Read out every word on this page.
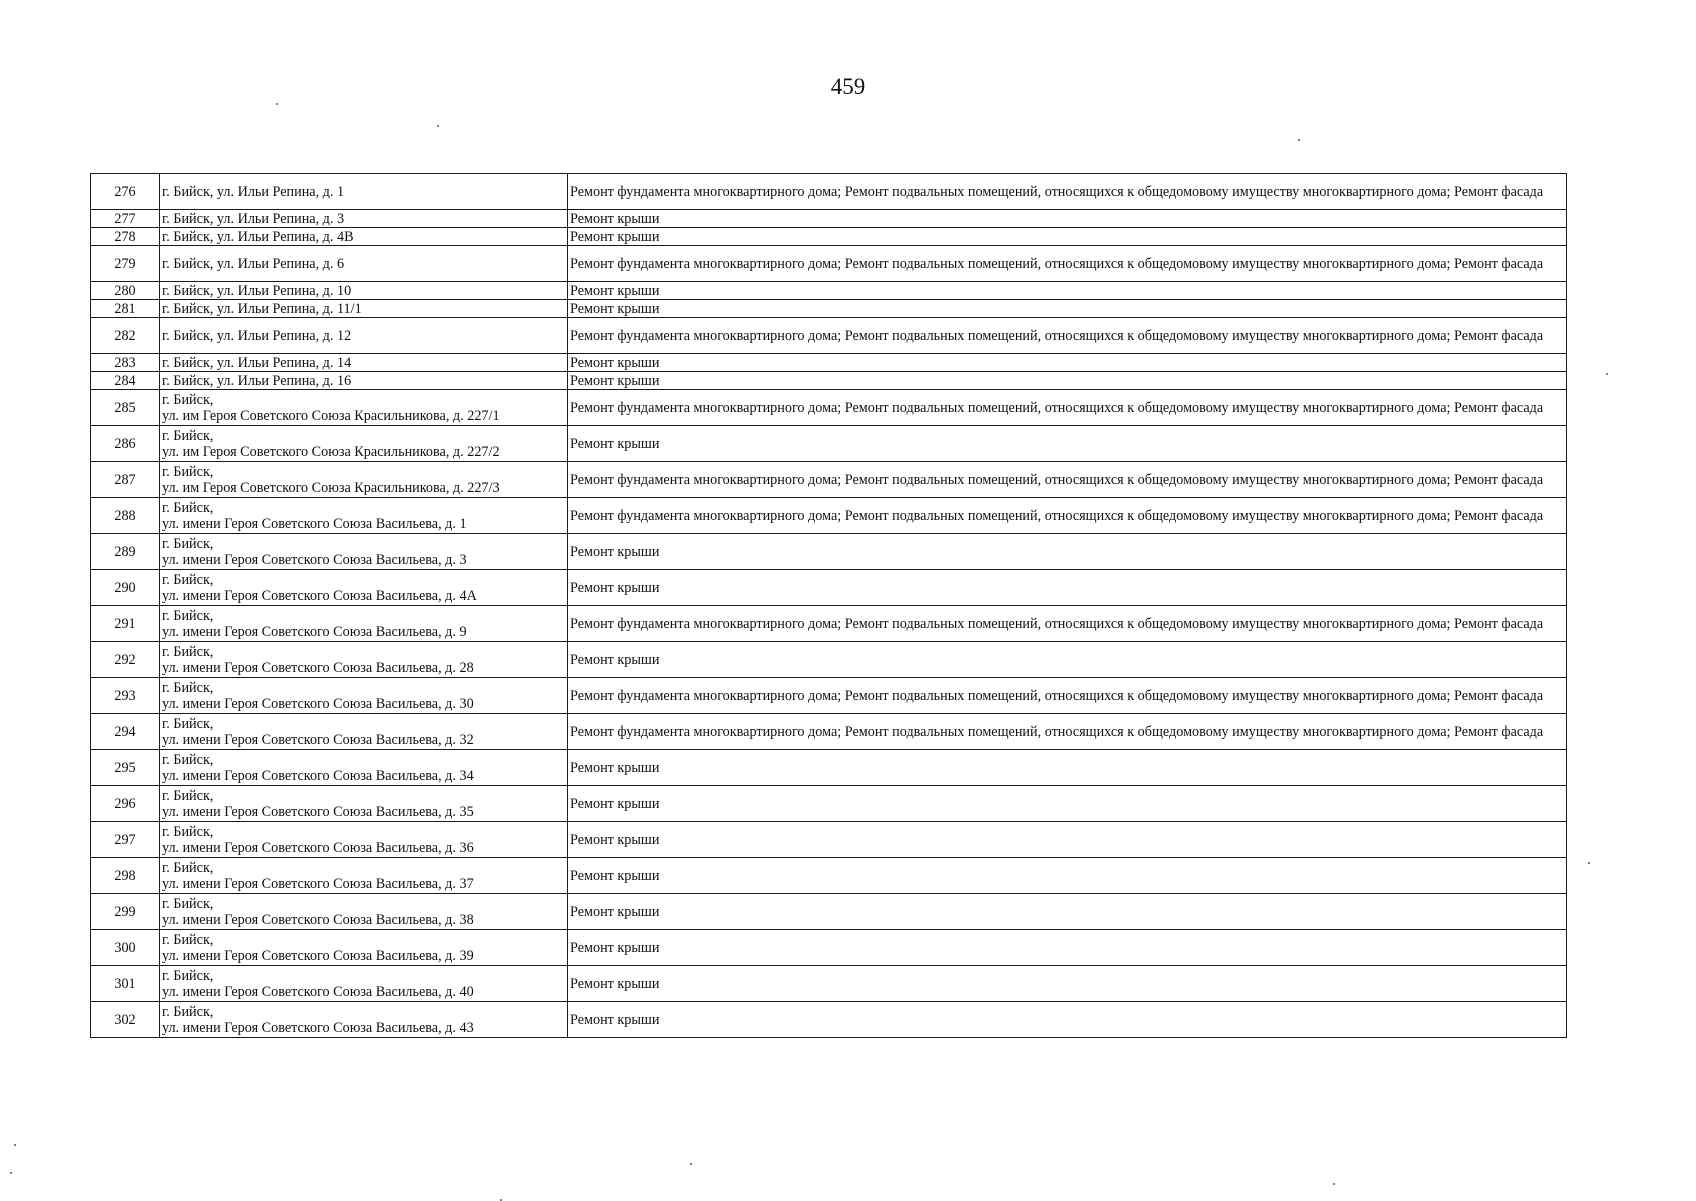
459
276	г. Бийск, ул. Ильи Репина, д. 1	Ремонт фундамента многоквартирного дома; Ремонт подвальных помещений, относящихся к общедомовому имуществу многоквартирного дома; Ремонт фасада
277	г. Бийск, ул. Ильи Репина, д. 3	Ремонт крыши
278	г. Бийск, ул. Ильи Репина, д. 4В	Ремонт крыши
279	г. Бийск, ул. Ильи Репина, д. 6	Ремонт фундамента многоквартирного дома; Ремонт подвальных помещений, относящихся к общедомовому имуществу многоквартирного дома; Ремонт фасада
280	г. Бийск, ул. Ильи Репина, д. 10	Ремонт крыши
281	г. Бийск, ул. Ильи Репина, д. 11/1	Ремонт крыши
282	г. Бийск, ул. Ильи Репина, д. 12	Ремонт фундамента многоквартирного дома; Ремонт подвальных помещений, относящихся к общедомовому имуществу многоквартирного дома; Ремонт фасада
283	г. Бийск, ул. Ильи Репина, д. 14	Ремонт крыши
284	г. Бийск, ул. Ильи Репина, д. 16	Ремонт крыши
285	г. Бийск,
ул. им Героя Советского Союза Красильникова, д. 227/1	Ремонт фундамента многоквартирного дома; Ремонт подвальных помещений, относящихся к общедомовому имуществу многоквартирного дома; Ремонт фасада
286	г. Бийск,
ул. им Героя Советского Союза Красильникова, д. 227/2	Ремонт крыши
287	г. Бийск,
ул. им Героя Советского Союза Красильникова, д. 227/3	Ремонт фундамента многоквартирного дома; Ремонт подвальных помещений, относящихся к общедомовому имуществу многоквартирного дома; Ремонт фасада
288	г. Бийск,
ул. имени Героя Советского Союза Васильева, д. 1	Ремонт фундамента многоквартирного дома; Ремонт подвальных помещений, относящихся к общедомовому имуществу многоквартирного дома; Ремонт фасада
289	г. Бийск,
ул. имени Героя Советского Союза Васильева, д. 3	Ремонт крыши
290	г. Бийск,
ул. имени Героя Советского Союза Васильева, д. 4А	Ремонт крыши
291	г. Бийск,
ул. имени Героя Советского Союза Васильева, д. 9	Ремонт фундамента многоквартирного дома; Ремонт подвальных помещений, относящихся к общедомовому имуществу многоквартирного дома; Ремонт фасада
292	г. Бийск,
ул. имени Героя Советского Союза Васильева, д. 28	Ремонт крыши
293	г. Бийск,
ул. имени Героя Советского Союза Васильева, д. 30	Ремонт фундамента многоквартирного дома; Ремонт подвальных помещений, относящихся к общедомовому имуществу многоквартирного дома; Ремонт фасада
294	г. Бийск,
ул. имени Героя Советского Союза Васильева, д. 32	Ремонт фундамента многоквартирного дома; Ремонт подвальных помещений, относящихся к общедомовому имуществу многоквартирного дома; Ремонт фасада
295	г. Бийск,
ул. имени Героя Советского Союза Васильева, д. 34	Ремонт крыши
296	г. Бийск,
ул. имени Героя Советского Союза Васильева, д. 35	Ремонт крыши
297	г. Бийск,
ул. имени Героя Советского Союза Васильева, д. 36	Ремонт крыши
298	г. Бийск,
ул. имени Героя Советского Союза Васильева, д. 37	Ремонт крыши
299	г. Бийск,
ул. имени Героя Советского Союза Васильева, д. 38	Ремонт крыши
300	г. Бийск,
ул. имени Героя Советского Союза Васильева, д. 39	Ремонт крыши
301	г. Бийск,
ул. имени Героя Советского Союза Васильева, д. 40	Ремонт крыши
302	г. Бийск,
ул. имени Героя Советского Союза Васильева, д. 43	Ремонт крыши
